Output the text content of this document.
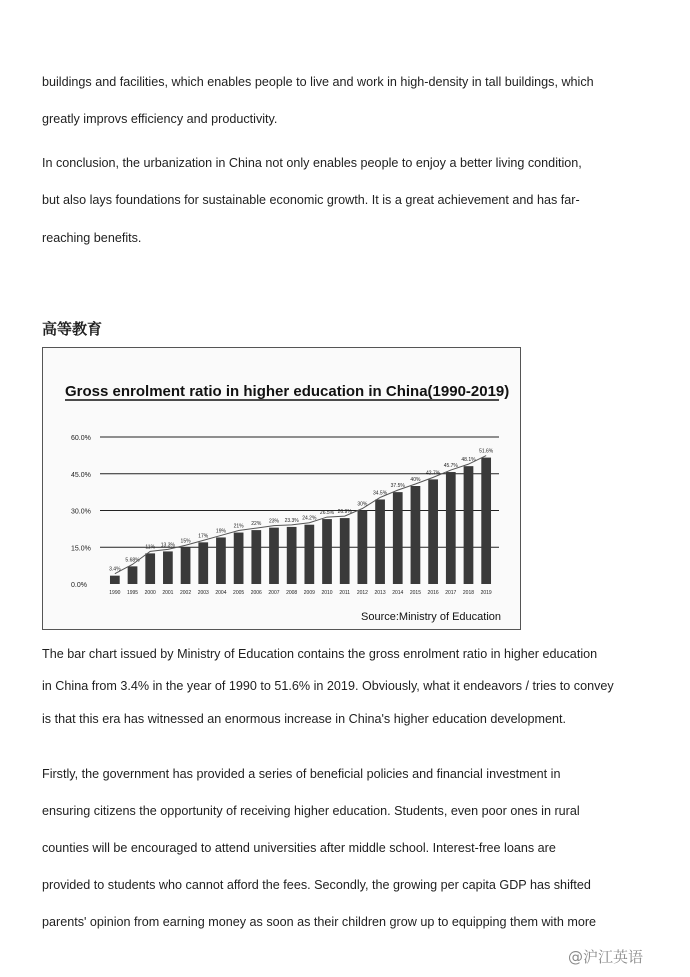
buildings and facilities, which enables people to live and work in high-density in tall buildings, which
greatly improvs efficiency and productivity.
In conclusion, the urbanization in China not only enables people to enjoy a better living condition,
but also lays foundations for sustainable economic growth. It is a great achievement and has far-
reaching benefits.
高等教育
Gross enrolment ratio in higher education in China(1990-2019)
0.0%
15.0%
30.0%
45.0%
60.0%
3.4%
1990
5.68%
1995
11%
2000
13.3%
2001
15%
2002
17%
2003
19%
2004
21%
2005
22%
2006
23%
2007
23.3%
2008
24.2%
2009
26.5%
2010
26.9%
2011
30%
2012
34.5%
2013
37.5%
2014
40%
2015
42.7%
2016
45.7%
2017
48.1%
2018
51.6%
2019
Source:Ministry of Education
The bar chart issued by Ministry of Education contains the gross enrolment ratio in higher education
in China from 3.4% in the year of 1990 to 51.6% in 2019. Obviously, what it endeavors / tries to convey
is that this era has witnessed an enormous increase in China's higher education development.
Firstly, the government has provided a series of beneficial policies and financial investment in
ensuring citizens the opportunity of receiving higher education. Students, even poor ones in rural
counties will be encouraged to attend universities after middle school. Interest-free loans are
provided to students who cannot afford the fees. Secondly, the growing per capita GDP has shifted
parents' opinion from earning money as soon as their children grow up to equipping them with more
@沪江英语
